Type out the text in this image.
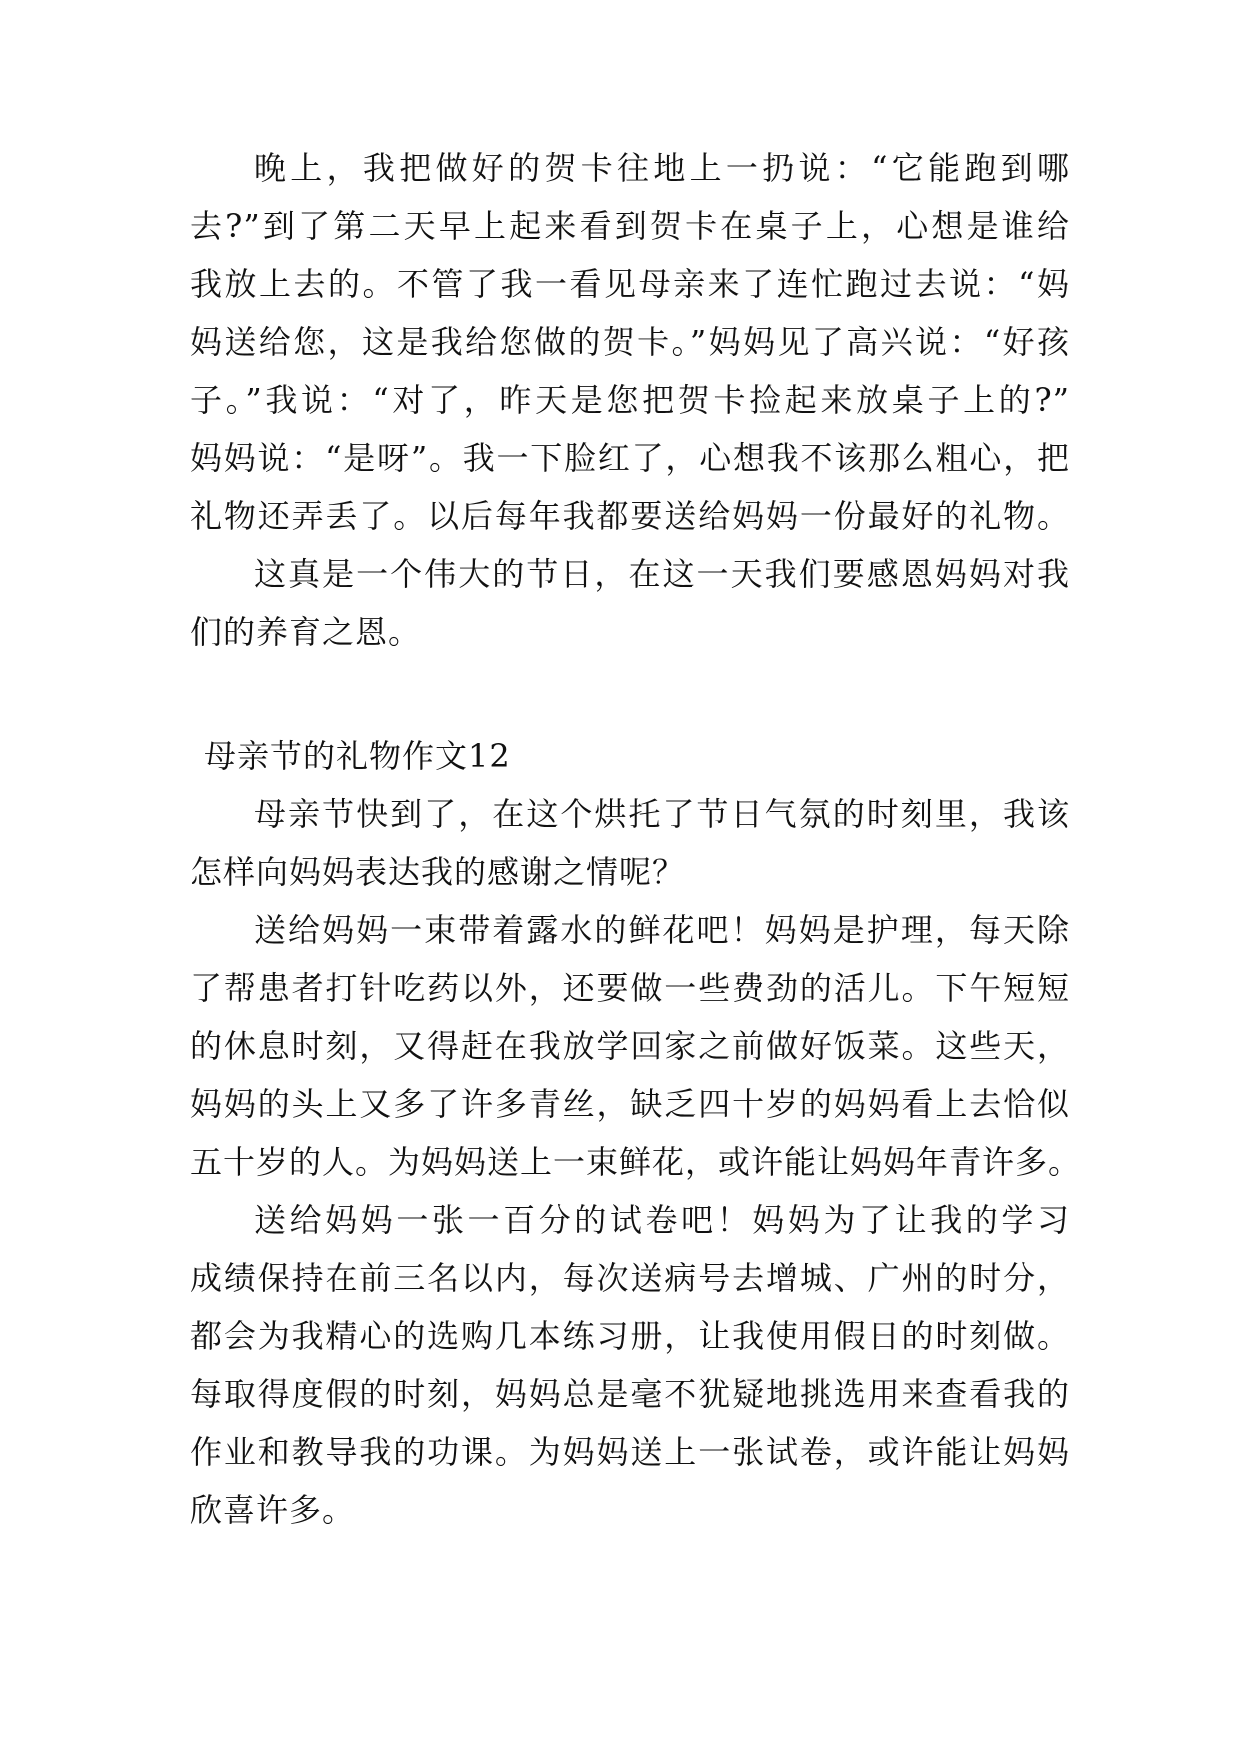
晚上，我把做好的贺卡往地上一扔说：“它能跑到哪
去?”到了第二天早上起来看到贺卡在桌子上，心想是谁给
我放上去的。不管了我一看见母亲来了连忙跑过去说：“妈
妈送给您，这是我给您做的贺卡。”妈妈见了高兴说：“好孩
子。”我说：“对了，昨天是您把贺卡捡起来放桌子上的?”
妈妈说：“是呀”。我一下脸红了，心想我不该那么粗心，把
礼物还弄丢了。以后每年我都要送给妈妈一份最好的礼物。
这真是一个伟大的节日，在这一天我们要感恩妈妈对我
们的养育之恩。
母亲节的礼物作文12
母亲节快到了，在这个烘托了节日气氛的时刻里，我该
怎样向妈妈表达我的感谢之情呢？
送给妈妈一束带着露水的鲜花吧！妈妈是护理，每天除
了帮患者打针吃药以外，还要做一些费劲的活儿。下午短短
的休息时刻，又得赶在我放学回家之前做好饭菜。这些天，
妈妈的头上又多了许多青丝，缺乏四十岁的妈妈看上去恰似
五十岁的人。为妈妈送上一束鲜花，或许能让妈妈年青许多。
送给妈妈一张一百分的试卷吧！妈妈为了让我的学习
成绩保持在前三名以内，每次送病号去增城、广州的时分，
都会为我精心的选购几本练习册，让我使用假日的时刻做。
每取得度假的时刻，妈妈总是毫不犹疑地挑选用来查看我的
作业和教导我的功课。为妈妈送上一张试卷，或许能让妈妈
欣喜许多。
